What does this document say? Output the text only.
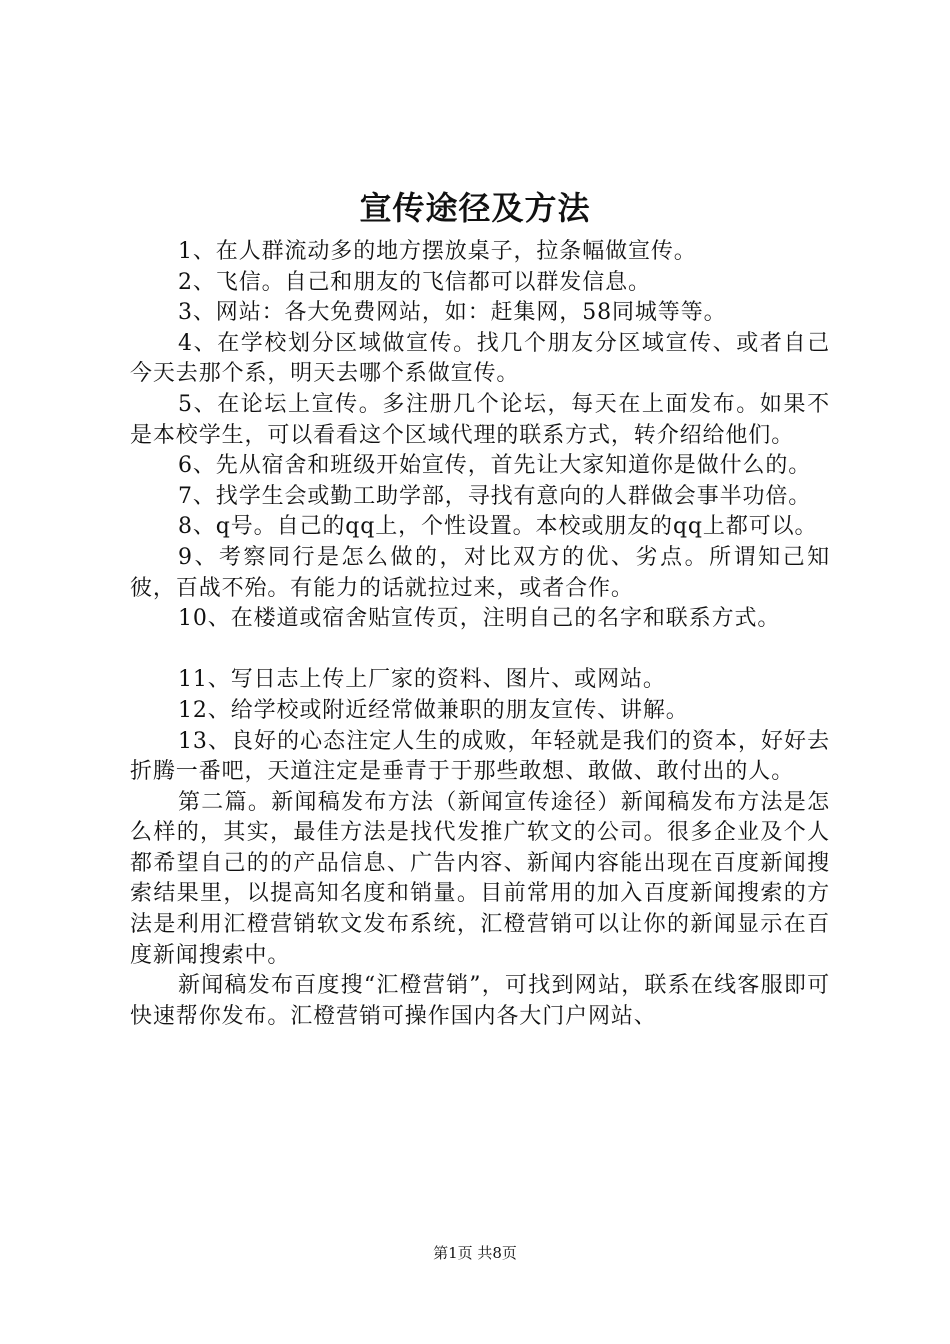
宣传途径及方法

1、在人群流动多的地方摆放桌子，拉条幅做宣传。

2、飞信。自己和朋友的飞信都可以群发信息。

3、网站：各大免费网站，如：赶集网，58同城等等。

4、在学校划分区域做宣传。找几个朋友分区域宣传、或者自己今天去那个系，明天去哪个系做宣传。

5、在论坛上宣传。多注册几个论坛，每天在上面发布。如果不是本校学生，可以看看这个区域代理的联系方式，转介绍给他们。

6、先从宿舍和班级开始宣传，首先让大家知道你是做什么的。

7、找学生会或勤工助学部，寻找有意向的人群做会事半功倍。

8、q号。自己的qq上，个性设置。本校或朋友的qq上都可以。

9、考察同行是怎么做的，对比双方的优、劣点。所谓知己知彼，百战不殆。有能力的话就拉过来，或者合作。

10、在楼道或宿舍贴宣传页，注明自己的名字和联系方式。

11、写日志上传上厂家的资料、图片、或网站。

12、给学校或附近经常做兼职的朋友宣传、讲解。

13、良好的心态注定人生的成败，年轻就是我们的资本，好好去折腾一番吧，天道注定是垂青于于那些敢想、敢做、敢付出的人。

第二篇。新闻稿发布方法（新闻宣传途径）新闻稿发布方法是怎么样的，其实，最佳方法是找代发推广软文的公司。很多企业及个人都希望自己的的产品信息、广告内容、新闻内容能出现在百度新闻搜索结果里，以提高知名度和销量。目前常用的加入百度新闻搜索的方法是利用汇橙营销软文发布系统，汇橙营销可以让你的新闻显示在百度新闻搜索中。

新闻稿发布百度搜“汇橙营销”，可找到网站，联系在线客服即可快速帮你发布。汇橙营销可操作国内各大门户网站、

第1页 共8页
